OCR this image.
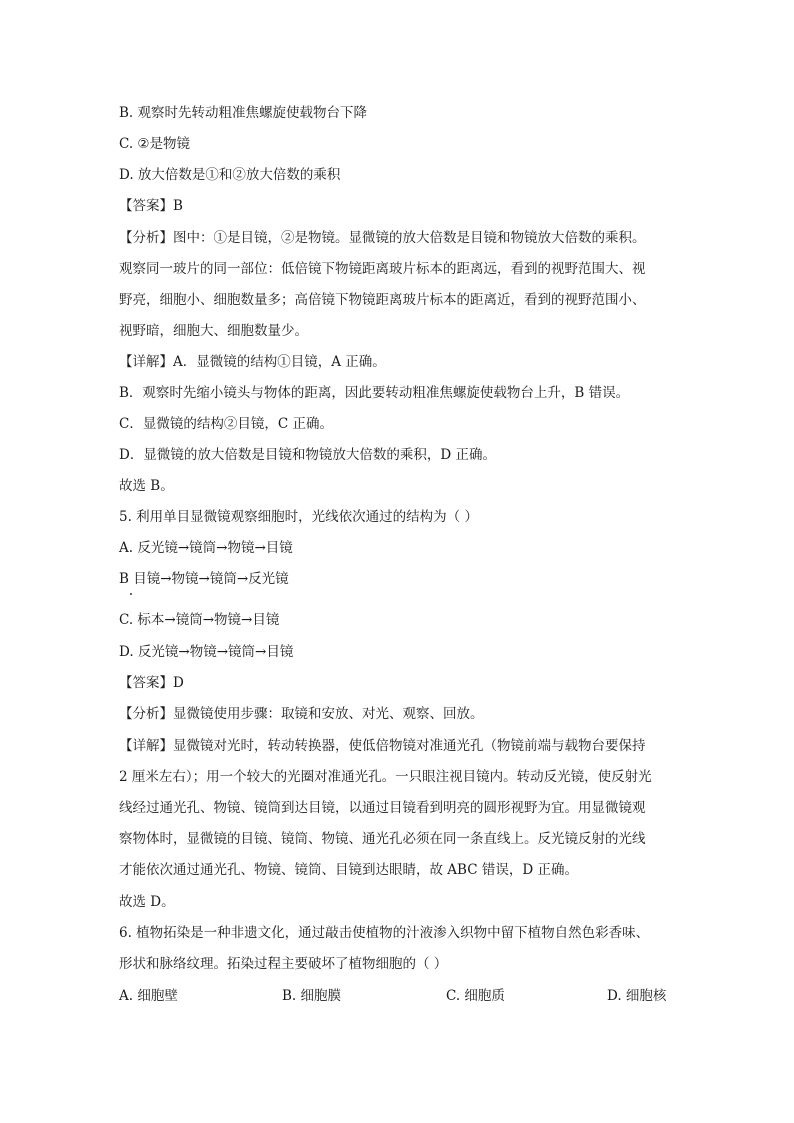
B. 观察时先转动粗准焦螺旋使载物台下降
C. ②是物镜
D. 放大倍数是①和②放大倍数的乘积
【答案】B
【分析】图中：①是目镜，②是物镜。显微镜的放大倍数是目镜和物镜放大倍数的乘积。
观察同一玻片的同一部位：低倍镜下物镜距离玻片标本的距离远，看到的视野范围大、视
野亮，细胞小、细胞数量多；高倍镜下物镜距离玻片标本的距离近，看到的视野范围小、
视野暗，细胞大、细胞数量少。
【详解】A．显微镜的结构①目镜，A 正确。
B．观察时先缩小镜头与物体的距离，因此要转动粗准焦螺旋使载物台上升，B 错误。
C．显微镜的结构②目镜，C 正确。
D．显微镜的放大倍数是目镜和物镜放大倍数的乘积，D 正确。
故选 B。
5. 利用单目显微镜观察细胞时，光线依次通过的结构为（ ）
A. 反光镜→镜筒→物镜→目镜
B 目镜→物镜→镜筒→反光镜
C. 标本→镜筒→物镜→目镜
D. 反光镜→物镜→镜筒→目镜
【答案】D
【分析】显微镜使用步骤：取镜和安放、对光、观察、回放。
【详解】显微镜对光时，转动转换器，使低倍物镜对准通光孔（物镜前端与载物台要保持
2 厘米左右）；用一个较大的光圈对准通光孔。一只眼注视目镜内。转动反光镜，使反射光
线经过通光孔、物镜、镜筒到达目镜，以通过目镜看到明亮的圆形视野为宜。用显微镜观
察物体时，显微镜的目镜、镜筒、物镜、通光孔必须在同一条直线上。反光镜反射的光线
才能依次通过通光孔、物镜、镜筒、目镜到达眼睛，故 ABC 错误，D 正确。
故选 D。
6. 植物拓染是一种非遗文化，通过敲击使植物的汁液渗入织物中留下植物自然色彩香味、
形状和脉络纹理。拓染过程主要破坏了植物细胞的（ ）
A. 细胞壁	B. 细胞膜	C. 细胞质	D. 细胞核
